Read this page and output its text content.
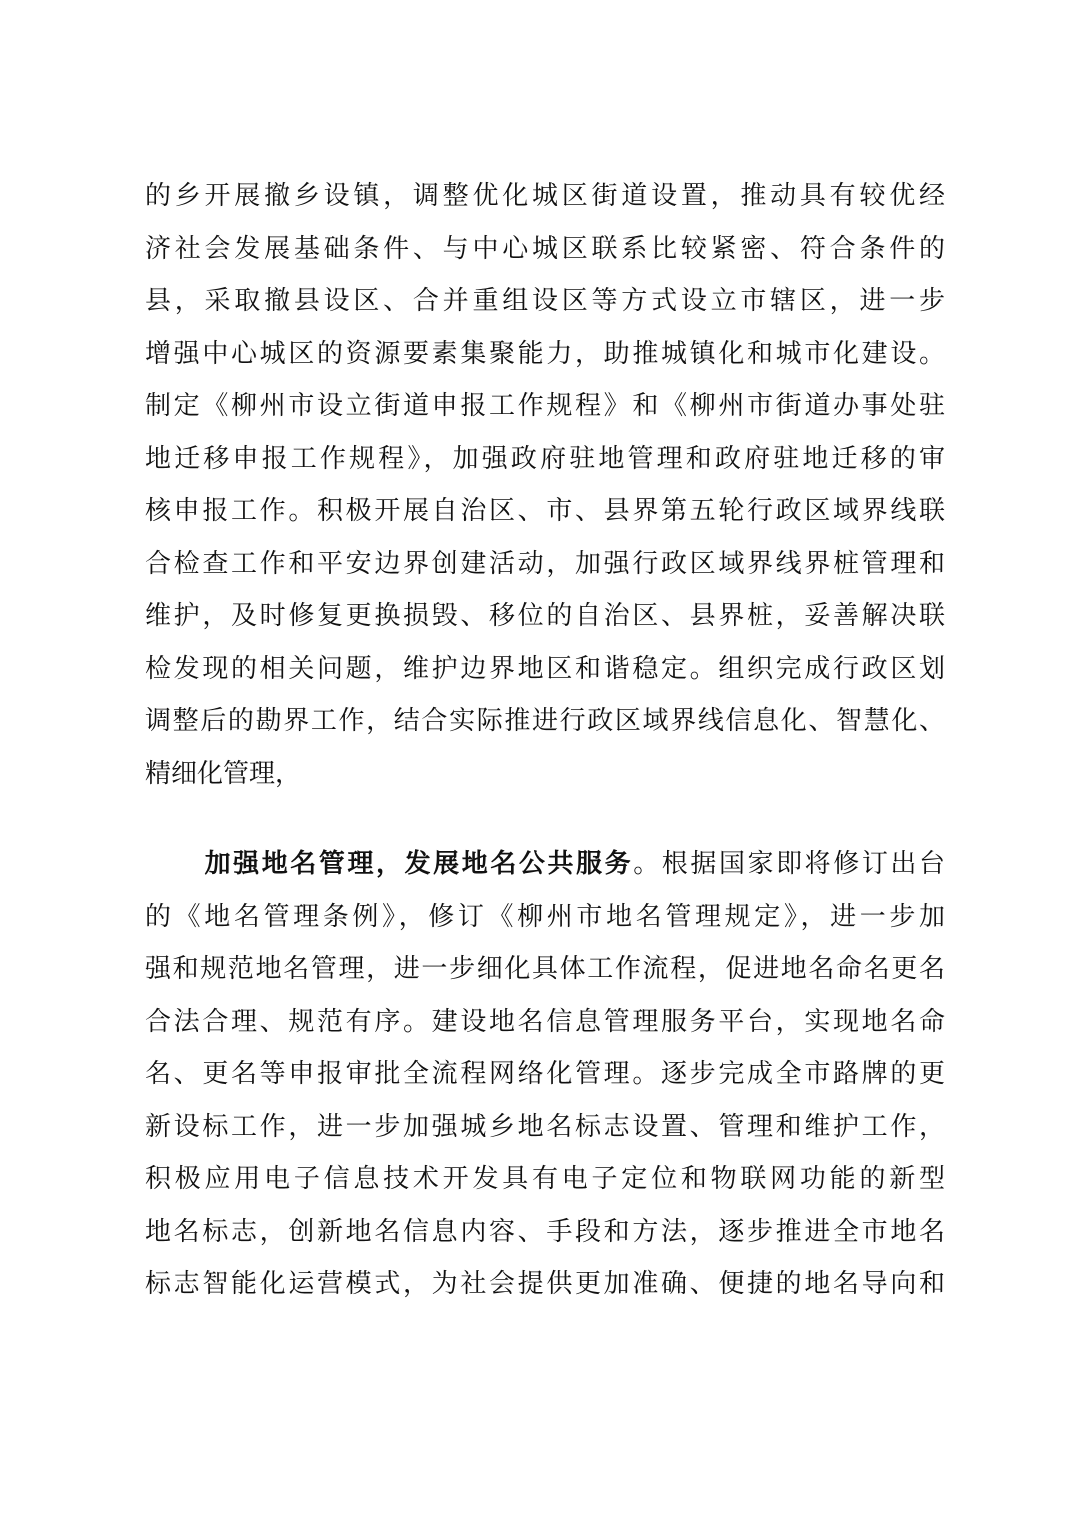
的乡开展撤乡设镇，调整优化城区街道设置，推动具有较优经
济社会发展基础条件、与中心城区联系比较紧密、符合条件的
县，采取撤县设区、合并重组设区等方式设立市辖区，进一步
增强中心城区的资源要素集聚能力，助推城镇化和城市化建设。
制定《柳州市设立街道申报工作规程》和《柳州市街道办事处驻
地迁移申报工作规程》，加强政府驻地管理和政府驻地迁移的审
核申报工作。积极开展自治区、市、县界第五轮行政区域界线联
合检查工作和平安边界创建活动，加强行政区域界线界桩管理和
维护，及时修复更换损毁、移位的自治区、县界桩，妥善解决联
检发现的相关问题，维护边界地区和谐稳定。组织完成行政区划
调整后的勘界工作，结合实际推进行政区域界线信息化、智慧化、
精细化管理，
加强地名管理，发展地名公共服务。根据国家即将修订出台
的《地名管理条例》，修订《柳州市地名管理规定》，进一步加
强和规范地名管理，进一步细化具体工作流程，促进地名命名更名
合法合理、规范有序。建设地名信息管理服务平台，实现地名命
名、更名等申报审批全流程网络化管理。逐步完成全市路牌的更
新设标工作，进一步加强城乡地名标志设置、管理和维护工作，
积极应用电子信息技术开发具有电子定位和物联网功能的新型
地名标志，创新地名信息内容、手段和方法，逐步推进全市地名
标志智能化运营模式，为社会提供更加准确、便捷的地名导向和
